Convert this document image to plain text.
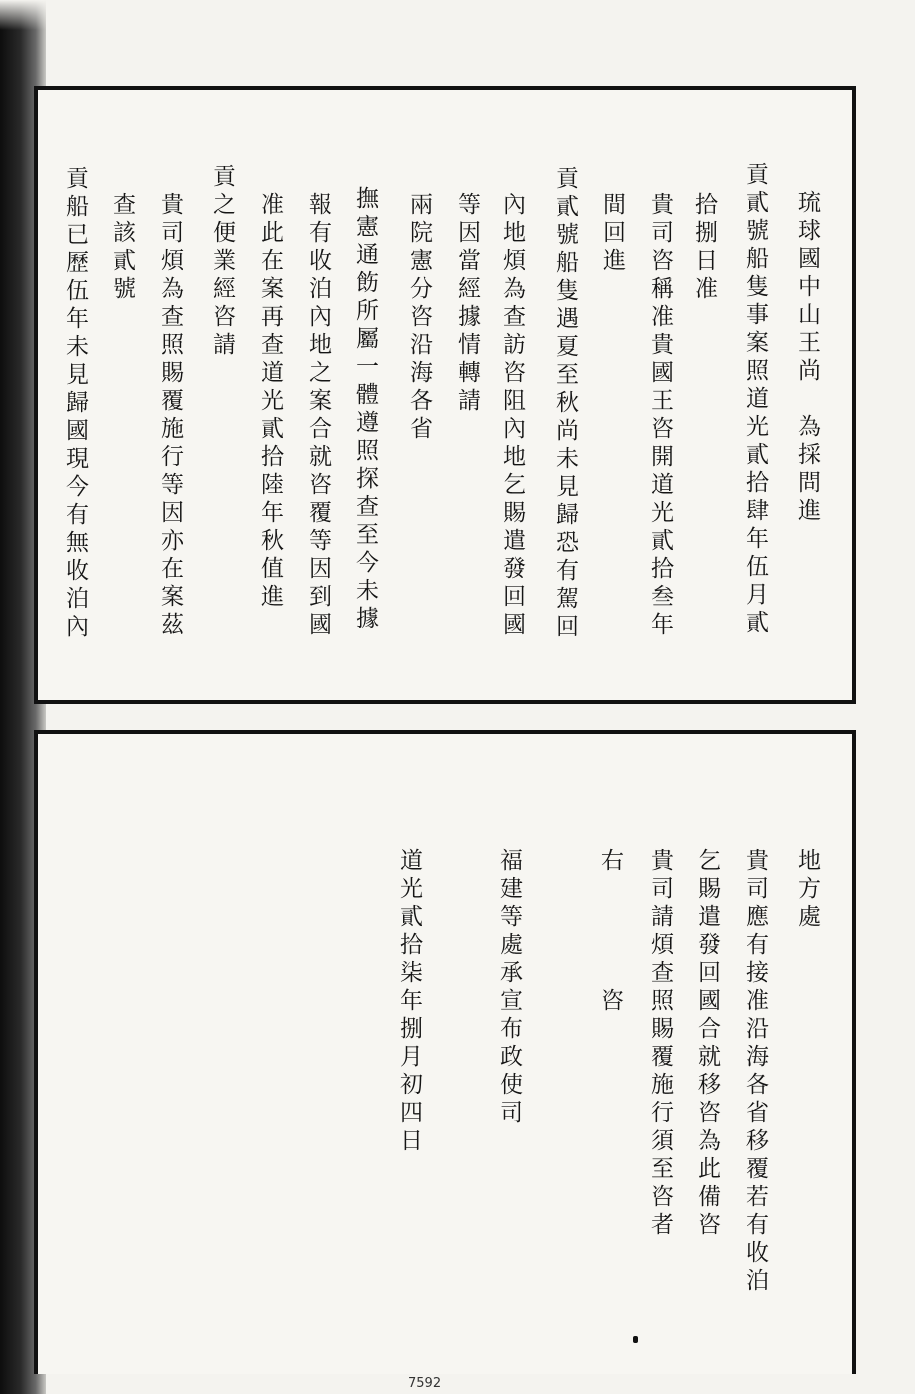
琉球國中山王尚　為採問進
貢貳號船隻事案照道光貳拾肆年伍月貳
拾捌日准
貴司咨稱准貴國王咨開道光貳拾叁年
間回進
貢貳號船隻遇夏至秋尚未見歸恐有駕回
內地煩為查訪咨阻內地乞賜遣發回國
等因當經據情轉請
兩院憲分咨沿海各省
撫憲通飭所屬一體遵照探查至今未據
報有收泊內地之案合就咨覆等因到國
准此在案再查道光貳拾陸年秋值進
貢之便業經咨請
貴司煩為查照賜覆施行等因亦在案茲
查該貳號
貢船已歷伍年未見歸國現今有無收泊內
地方處
貴司應有接准沿海各省移覆若有收泊
乞賜遣發回國合就移咨為此備咨
貴司請煩查照賜覆施行須至咨者
右　　　　咨
福建等處承宣布政使司
道光貳拾柒年捌月初四日
7592
